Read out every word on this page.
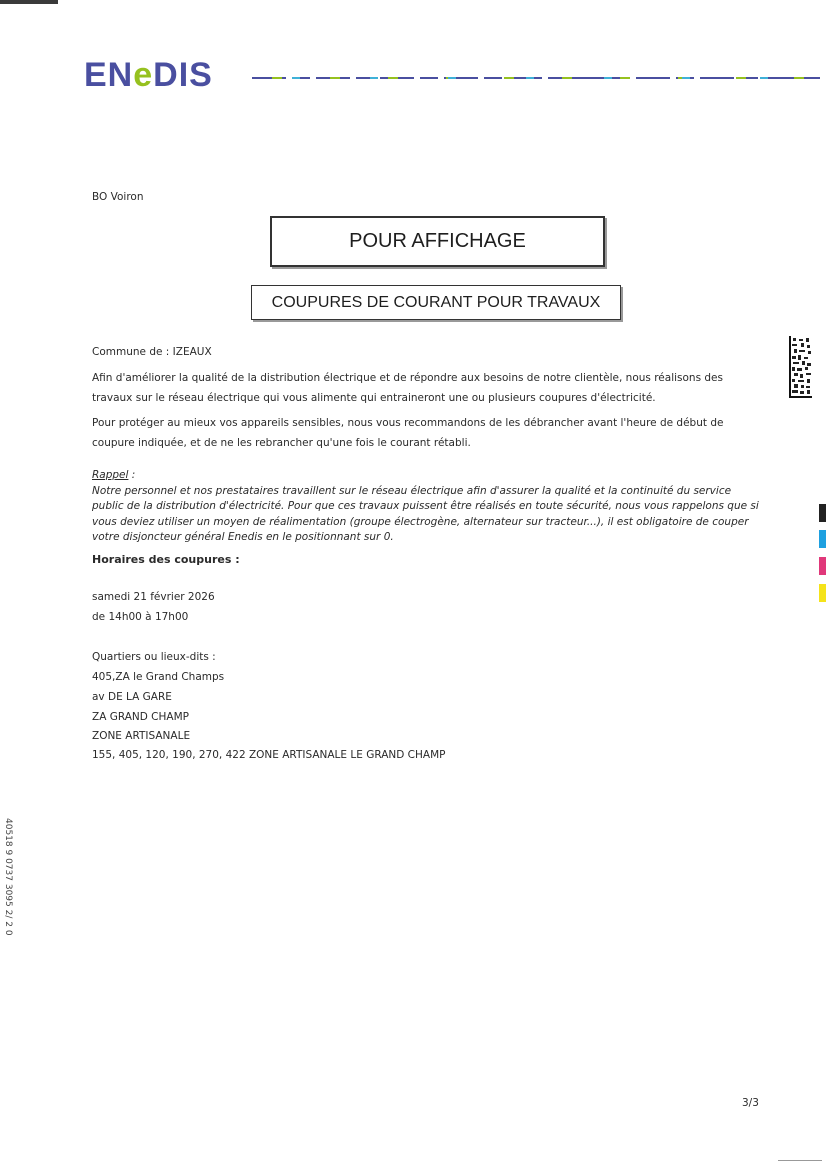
ENeDIS
BO Voiron
POUR AFFICHAGE
COUPURES DE COURANT POUR TRAVAUX
Commune de : IZEAUX
Afin d'améliorer la qualité de la distribution électrique et de répondre aux besoins de notre clientèle, nous réalisons des travaux sur le réseau électrique qui vous alimente qui entraineront une ou plusieurs coupures d'électricité.
Pour protéger au mieux vos appareils sensibles, nous vous recommandons de les débrancher avant l'heure de début de coupure indiquée, et de ne les rebrancher qu'une fois le courant rétabli.
Rappel :
Notre personnel et nos prestataires travaillent sur le réseau électrique afin d'assurer la qualité et la continuité du service public de la distribution d'électricité. Pour que ces travaux puissent être réalisés en toute sécurité, nous vous rappelons que si vous deviez utiliser un moyen de réalimentation (groupe électrogène, alternateur sur tracteur...), il est obligatoire de couper votre disjoncteur général Enedis en le positionnant sur 0.
Horaires des coupures :
samedi 21 février 2026
de 14h00 à 17h00
Quartiers ou lieux-dits :
405,ZA le Grand Champs
av DE LA GARE
ZA GRAND CHAMP
ZONE ARTISANALE
155, 405, 120, 190, 270, 422 ZONE ARTISANALE LE GRAND CHAMP
40518 9 0737 3095 2/ 2 0
3/3
